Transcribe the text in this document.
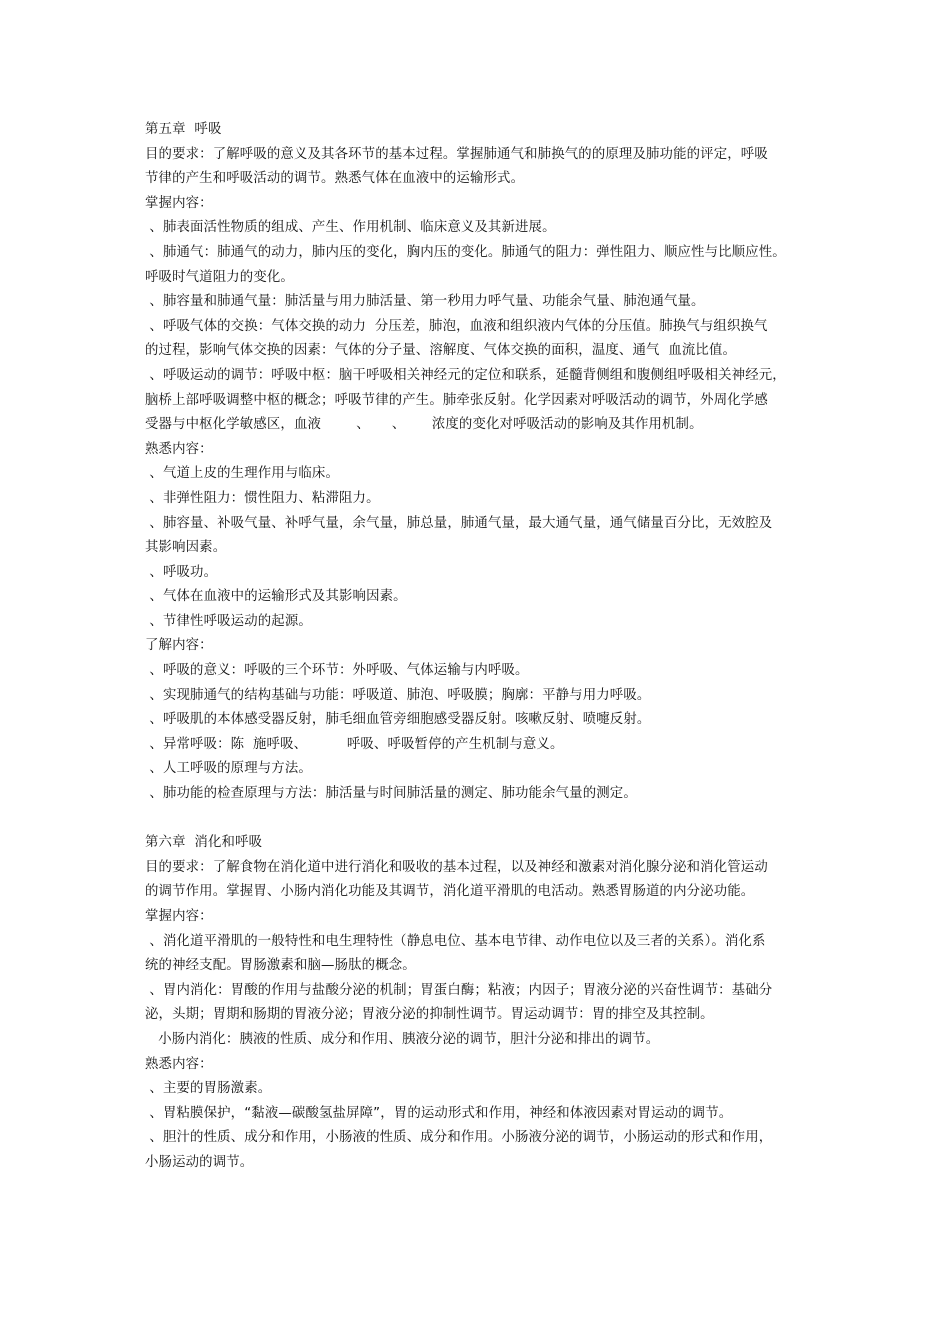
第五章  呼吸

目的要求：了解呼吸的意义及其各环节的基本过程。掌握肺通气和肺换气的的原理及肺功能的评定，呼吸

节律的产生和呼吸活动的调节。熟悉气体在血液中的运输形式。

掌握内容：

、肺表面活性物质的组成、产生、作用机制、临床意义及其新进展。

、肺通气：肺通气的动力，肺内压的变化，胸内压的变化。肺通气的阻力：弹性阻力、顺应性与比顺应性。

呼吸时气道阻力的变化。

、肺容量和肺通气量：肺活量与用力肺活量、第一秒用力呼气量、功能余气量、肺泡通气量。

、呼吸气体的交换：气体交换的动力  分压差，肺泡，血液和组织液内气体的分压值。肺换气与组织换气

的过程，影响气体交换的因素：气体的分子量、溶解度、气体交换的面积，温度、通气  血流比值。

、呼吸运动的调节：呼吸中枢：脑干呼吸相关神经元的定位和联系，延髓背侧组和腹侧组呼吸相关神经元，

脑桥上部呼吸调整中枢的概念；呼吸节律的产生。肺牵张反射。化学因素对呼吸活动的调节，外周化学感

受器与中枢化学敏感区，血液        、     、      浓度的变化对呼吸活动的影响及其作用机制。

熟悉内容：

、气道上皮的生理作用与临床。

、非弹性阻力：惯性阻力、粘滞阻力。

、肺容量、补吸气量、补呼气量，余气量，肺总量，肺通气量，最大通气量，通气储量百分比，无效腔及

其影响因素。

、呼吸功。

、气体在血液中的运输形式及其影响因素。

、节律性呼吸运动的起源。

了解内容：

、呼吸的意义：呼吸的三个环节：外呼吸、气体运输与内呼吸。

、实现肺通气的结构基础与功能：呼吸道、肺泡、呼吸膜；胸廓：平静与用力呼吸。

、呼吸肌的本体感受器反射，肺毛细血管旁细胞感受器反射。咳嗽反射、喷嚏反射。

、异常呼吸：陈  施呼吸、         呼吸、呼吸暂停的产生机制与意义。

、人工呼吸的原理与方法。

、肺功能的检查原理与方法：肺活量与时间肺活量的测定、肺功能余气量的测定。

第六章  消化和呼吸

目的要求：了解食物在消化道中进行消化和吸收的基本过程，以及神经和激素对消化腺分泌和消化管运动

的调节作用。掌握胃、小肠内消化功能及其调节，消化道平滑肌的电活动。熟悉胃肠道的内分泌功能。

掌握内容：

、消化道平滑肌的一般特性和电生理特性（静息电位、基本电节律、动作电位以及三者的关系）。消化系

统的神经支配。胃肠激素和脑—肠肽的概念。

、胃内消化：胃酸的作用与盐酸分泌的机制；胃蛋白酶；粘液；内因子；胃液分泌的兴奋性调节：基础分

泌，头期；胃期和肠期的胃液分泌；胃液分泌的抑制性调节。胃运动调节：胃的排空及其控制。

小肠内消化：胰液的性质、成分和作用、胰液分泌的调节，胆汁分泌和排出的调节。

熟悉内容：

、主要的胃肠激素。

、胃粘膜保护，“黏液—碳酸氢盐屏障”，胃的运动形式和作用，神经和体液因素对胃运动的调节。

、胆汁的性质、成分和作用，小肠液的性质、成分和作用。小肠液分泌的调节，小肠运动的形式和作用，

小肠运动的调节。
